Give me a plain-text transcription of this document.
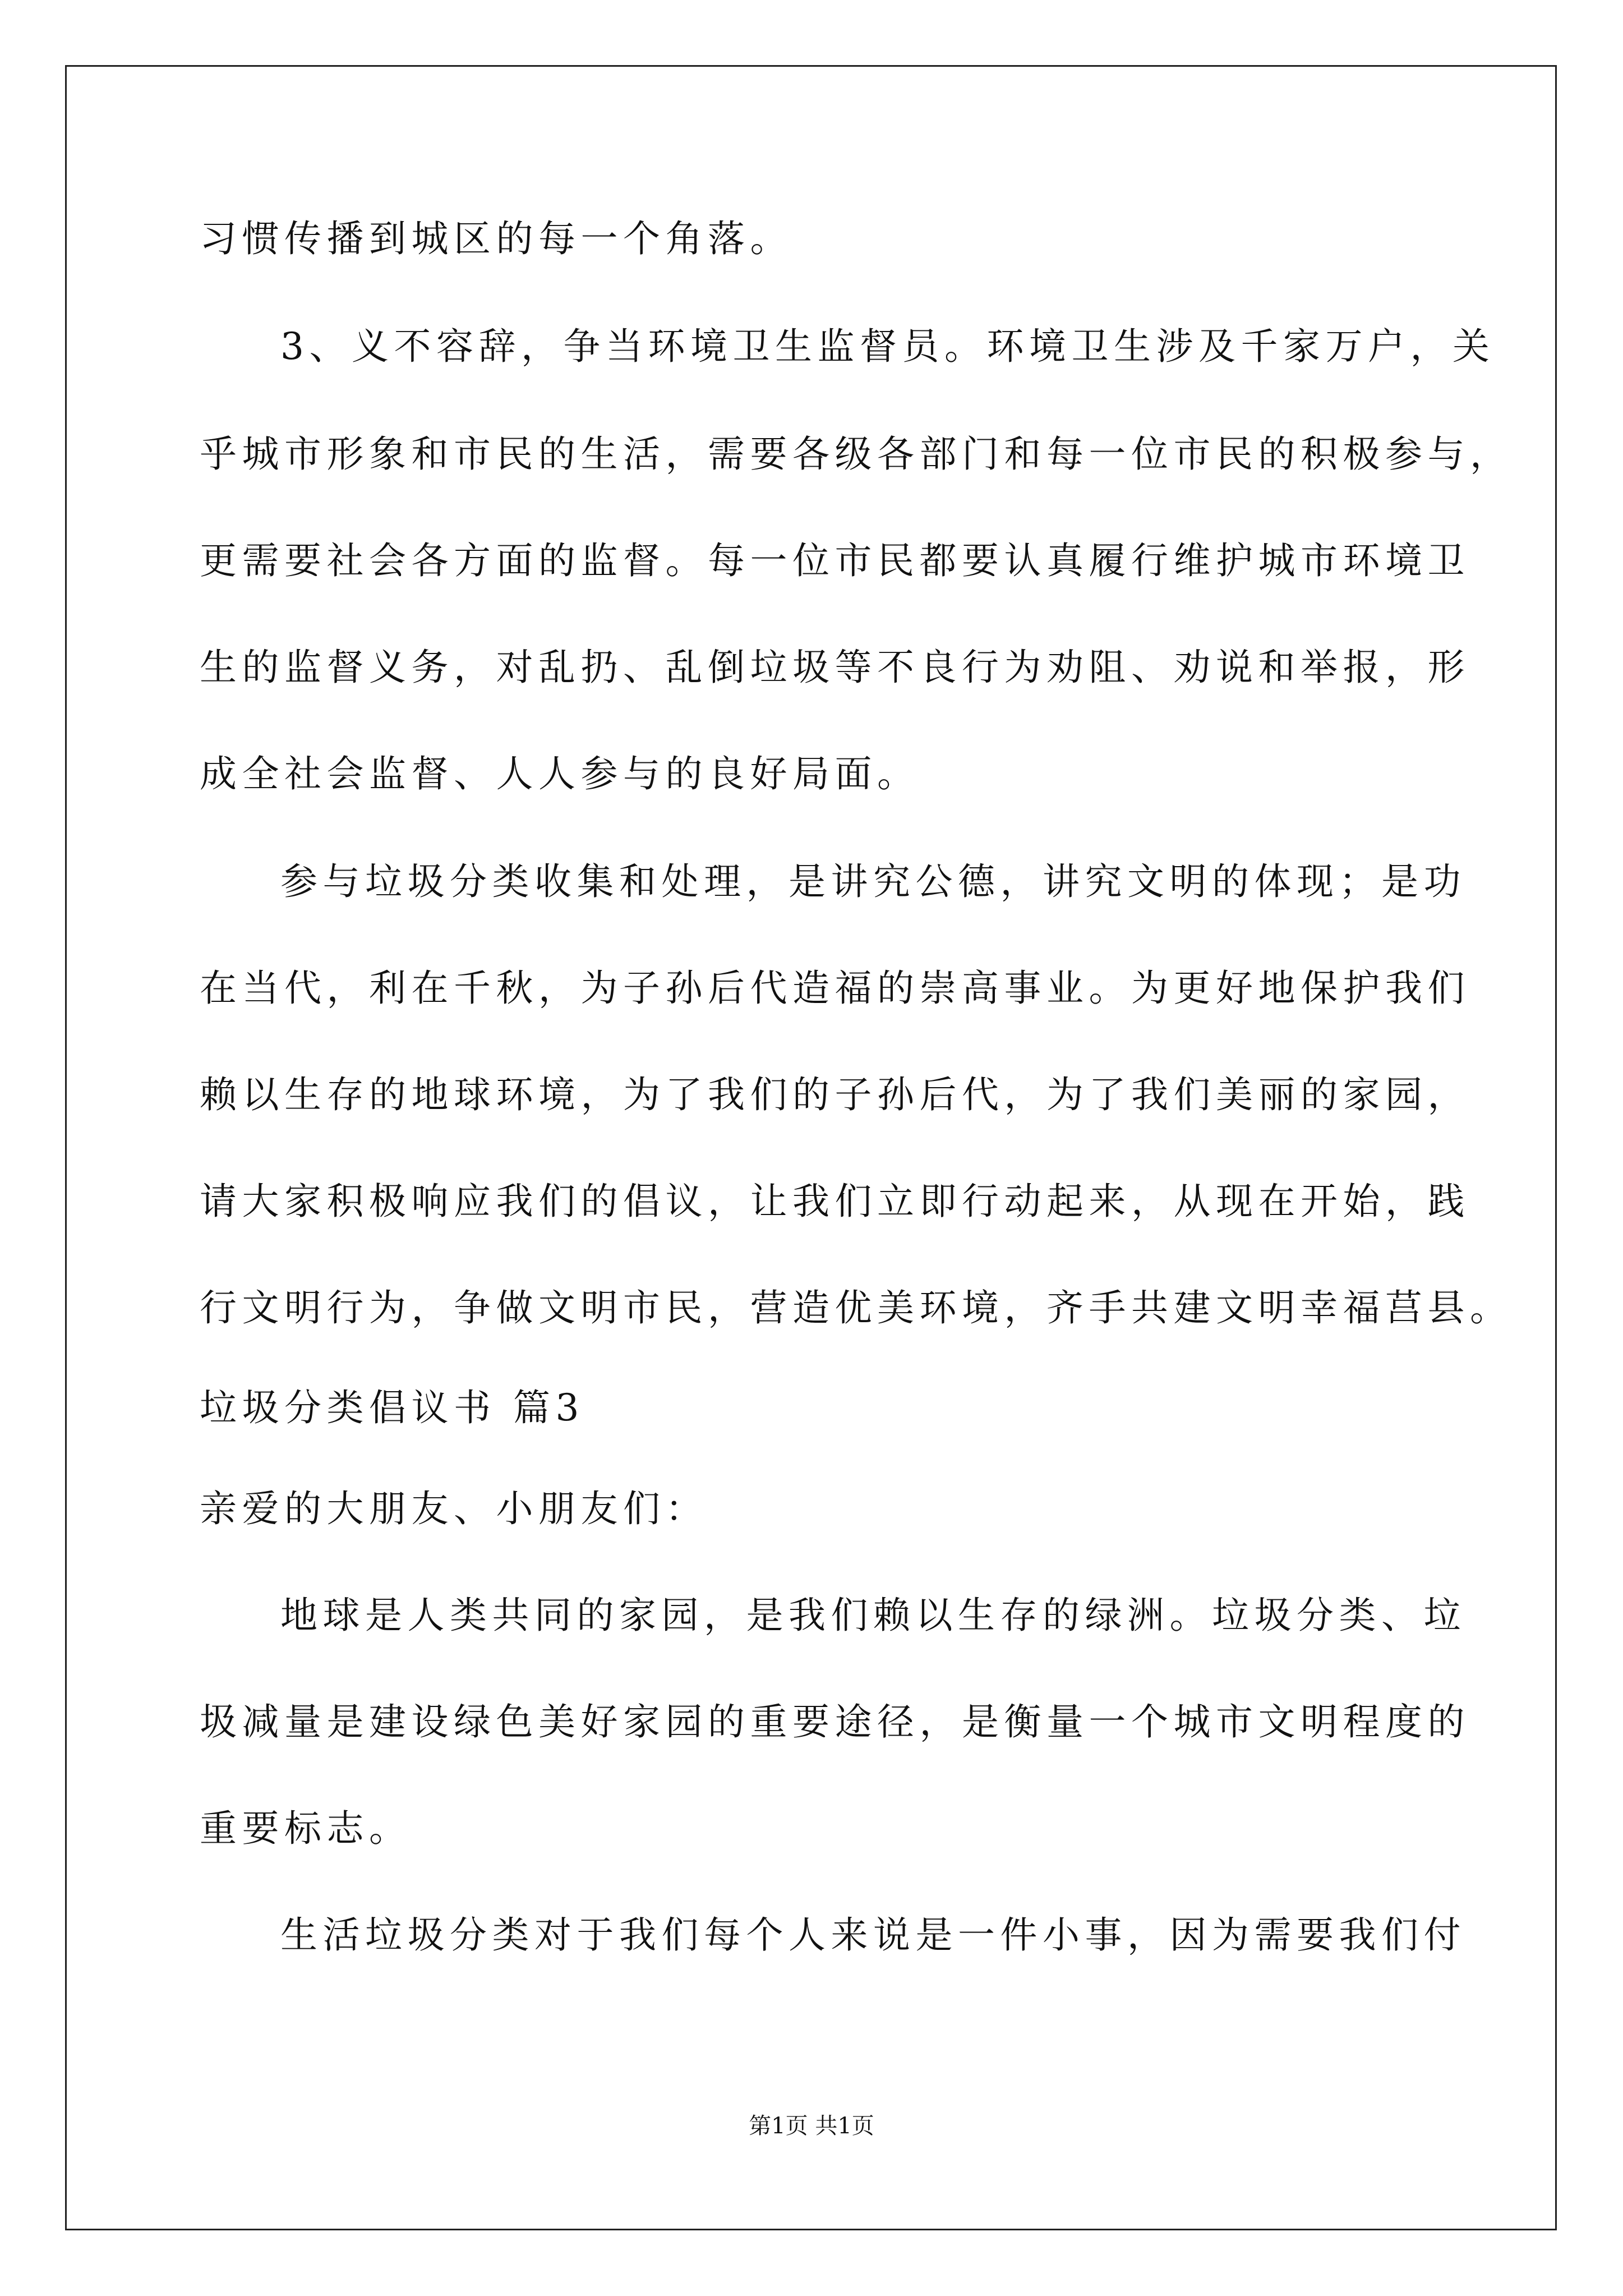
习惯传播到城区的每一个角落。
3、义不容辞，争当环境卫生监督员。环境卫生涉及千家万户，关
乎城市形象和市民的生活，需要各级各部门和每一位市民的积极参与，
更需要社会各方面的监督。每一位市民都要认真履行维护城市环境卫
生的监督义务，对乱扔、乱倒垃圾等不良行为劝阻、劝说和举报，形
成全社会监督、人人参与的良好局面。
参与垃圾分类收集和处理，是讲究公德，讲究文明的体现；是功
在当代，利在千秋，为子孙后代造福的崇高事业。为更好地保护我们
赖以生存的地球环境，为了我们的子孙后代，为了我们美丽的家园，
请大家积极响应我们的倡议，让我们立即行动起来，从现在开始，践
行文明行为，争做文明市民，营造优美环境，齐手共建文明幸福莒县。
垃圾分类倡议书 篇3
亲爱的大朋友、小朋友们：
地球是人类共同的家园，是我们赖以生存的绿洲。垃圾分类、垃
圾减量是建设绿色美好家园的重要途径，是衡量一个城市文明程度的
重要标志。
生活垃圾分类对于我们每个人来说是一件小事，因为需要我们付
第1页 共1页
